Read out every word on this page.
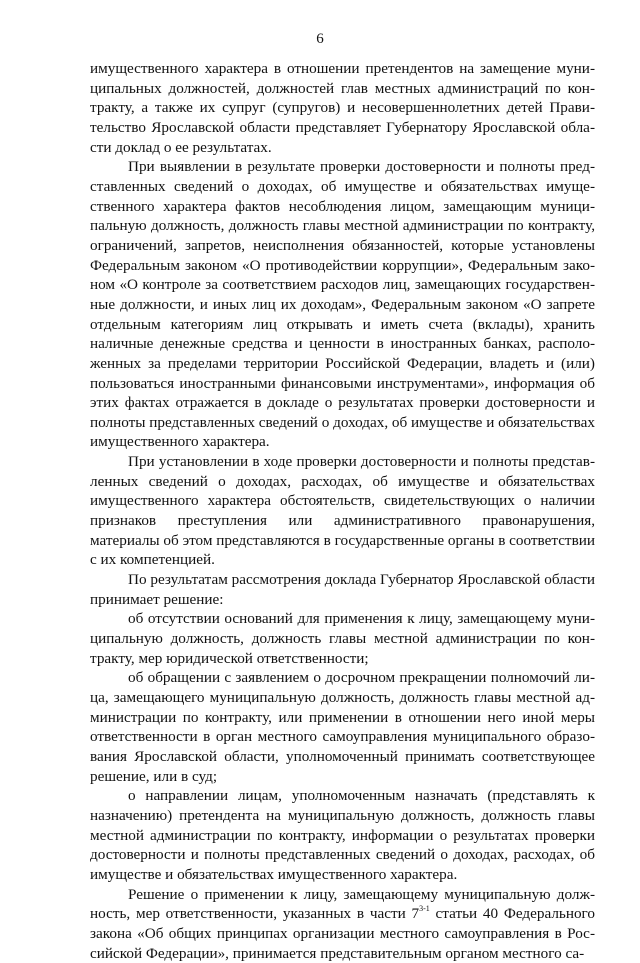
6

имущественного характера в отношении претендентов на замещение муниципальных должностей, должностей глав местных администраций по контракту, а также их супруг (супругов) и несовершеннолетних детей Правительство Ярославской области представляет Губернатору Ярославской области доклад о ее результатах.

При выявлении в результате проверки достоверности и полноты представленных сведений о доходах, об имуществе и обязательствах имущественного характера фактов несоблюдения лицом, замещающим муниципальную должность, должность главы местной администрации по контракту, ограничений, запретов, неисполнения обязанностей, которые установлены Федеральным законом «О противодействии коррупции», Федеральным законом «О контроле за соответствием расходов лиц, замещающих государственные должности, и иных лиц их доходам», Федеральным законом «О запрете отдельным категориям лиц открывать и иметь счета (вклады), хранить наличные денежные средства и ценности в иностранных банках, расположенных за пределами территории Российской Федерации, владеть и (или) пользоваться иностранными финансовыми инструментами», информация об этих фактах отражается в докладе о результатах проверки достоверности и полноты представленных сведений о доходах, об имуществе и обязательствах имущественного характера.

При установлении в ходе проверки достоверности и полноты представленных сведений о доходах, расходах, об имуществе и обязательствах имущественного характера обстоятельств, свидетельствующих о наличии признаков преступления или административного правонарушения, материалы об этом представляются в государственные органы в соответствии с их компетенцией.

По результатам рассмотрения доклада Губернатор Ярославской области принимает решение:

об отсутствии оснований для применения к лицу, замещающему муниципальную должность, должность главы местной администрации по контракту, мер юридической ответственности;

об обращении с заявлением о досрочном прекращении полномочий лица, замещающего муниципальную должность, должность главы местной администрации по контракту, или применении в отношении него иной меры ответственности в орган местного самоуправления муниципального образования Ярославской области, уполномоченный принимать соответствующее решение, или в суд;

о направлении лицам, уполномоченным назначать (представлять к назначению) претендента на муниципальную должность, должность главы местной администрации по контракту, информации о результатах проверки достоверности и полноты представленных сведений о доходах, расходах, об имуществе и обязательствах имущественного характера.

Решение о применении к лицу, замещающему муниципальную должность, мер ответственности, указанных в части 7$^{3-1}$ статьи 40 Федерального закона «Об общих принципах организации местного самоуправления в Российской Федерации», принимается представительным органом местного са-
